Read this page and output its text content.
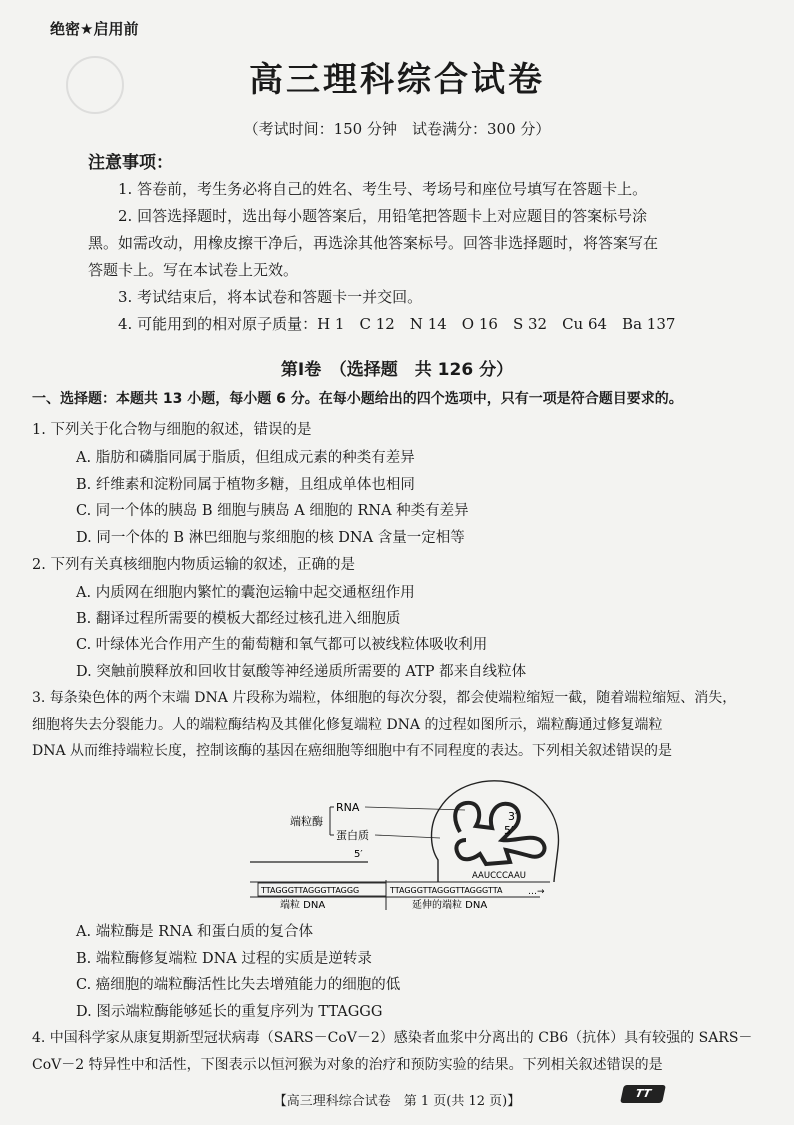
绝密★启用前
高三理科综合试卷
（考试时间：150 分钟　试卷满分：300 分）
注意事项：
1. 答卷前，考生务必将自己的姓名、考生号、考场号和座位号填写在答题卡上。
2. 回答选择题时，选出每小题答案后，用铅笔把答题卡上对应题目的答案标号涂
黑。如需改动，用橡皮擦干净后，再选涂其他答案标号。回答非选择题时，将答案写在
答题卡上。写在本试卷上无效。
3. 考试结束后，将本试卷和答题卡一并交回。
4. 可能用到的相对原子质量：H 1　C 12　N 14　O 16　S 32　Cu 64　Ba 137
第Ⅰ卷　（选择题　共 126 分）
一、选择题：本题共 13 小题，每小题 6 分。在每小题给出的四个选项中，只有一项是符合题目要求的。
1. 下列关于化合物与细胞的叙述，错误的是
A. 脂肪和磷脂同属于脂质，但组成元素的种类有差异
B. 纤维素和淀粉同属于植物多糖，且组成单体也相同
C. 同一个体的胰岛 B 细胞与胰岛 A 细胞的 RNA 种类有差异
D. 同一个体的 B 淋巴细胞与浆细胞的核 DNA 含量一定相等
2. 下列有关真核细胞内物质运输的叙述，正确的是
A. 内质网在细胞内繁忙的囊泡运输中起交通枢纽作用
B. 翻译过程所需要的模板大都经过核孔进入细胞质
C. 叶绿体光合作用产生的葡萄糖和氧气都可以被线粒体吸收利用
D. 突触前膜释放和回收甘氨酸等神经递质所需要的 ATP 都来自线粒体
3. 每条染色体的两个末端 DNA 片段称为端粒，体细胞的每次分裂，都会使端粒缩短一截，随着端粒缩短、消失，
细胞将失去分裂能力。人的端粒酶结构及其催化修复端粒 DNA 的过程如图所示，端粒酶通过修复端粒
DNA 从而维持端粒长度，控制该酶的基因在癌细胞等细胞中有不同程度的表达。下列相关叙述错误的是
端粒酶
RNA
蛋白质
3′
5′
5′
AAUCCCAAU
TTAGGGTTAGGGTTAGGG	TTAGGGTTAGGGTTAGGGTTA	…→
端粒 DNA	延伸的端粒 DNA
A. 端粒酶是 RNA 和蛋白质的复合体
B. 端粒酶修复端粒 DNA 过程的实质是逆转录
C. 癌细胞的端粒酶活性比失去增殖能力的细胞的低
D. 图示端粒酶能够延长的重复序列为 TTAGGG
4. 中国科学家从康复期新型冠状病毒（SARS－CoV－2）感染者血浆中分离出的 CB6（抗体）具有较强的 SARS－
CoV－2 特异性中和活性，下图表示以恒河猴为对象的治疗和预防实验的结果。下列相关叙述错误的是
【高三理科综合试卷　第 1 页(共 12 页)】
TT
